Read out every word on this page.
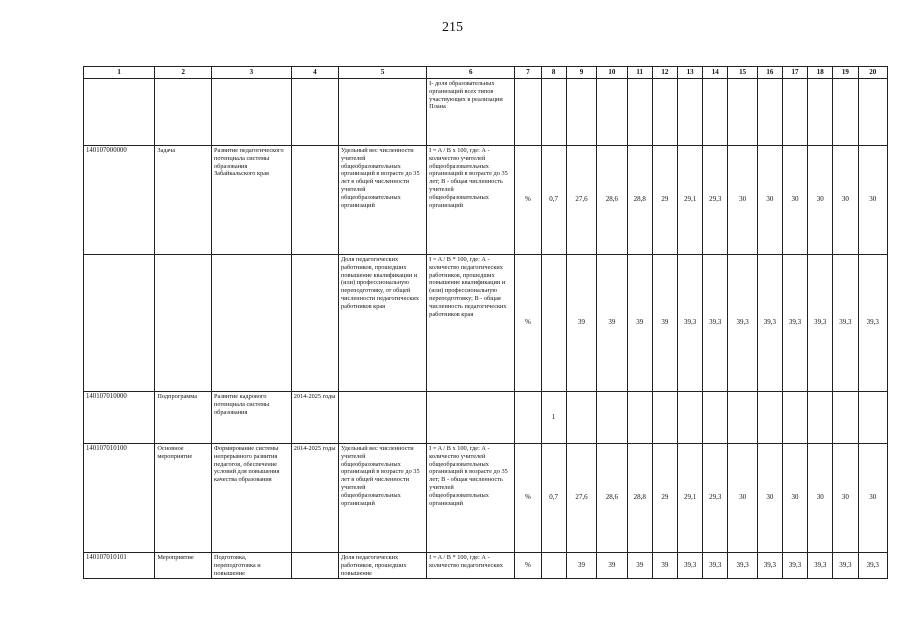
215
1	2	3	4	5	6	7	8	9	10	11	12	13	14	15	16	17	18	19	20
					I- доля образовательных организаций всех типов участвующих в реализации Плана														
140107000000	Задача	Развитие педагогического потенциала системы образования Забайкальского края		Удельный вес численности учителей общеобразовательных организаций в возрасте до 35 лет в общей численности учителей общеобразовательных организаций	I = A / B x 100, где: А - количество учителей общеобразовательных организаций в возрасте до 35 лет; В - общая численность учителей общеобразовательных организаций	%	0,7	27,6	28,6	28,8	29	29,1	29,3	30	30	30	30	30	30
				Доля педагогических работников, прошедших повышение квалификации и (или) профессиональную переподготовку, от общей численности педагогических работников края	I = A / B * 100, где: А - количество педагогических работников, прошедших повышение квалификации и (или) профессиональную переподготовку; В - общая численность педагогических работников края	%		39	39	39	39	39,3	39,3	39,3	39,3	39,3	39,3	39,3	39,3
140107010000	Подпрограмма	Развитие кадрового потенциала системы образования	2014-2025 годы				1												
140107010100	Основное мероприятие	Формирование системы непрерывного развития педагогов, обеспечение условий для повышения качества образования	2014-2025 годы	Удельный вес численности учителей общеобразовательных организаций в возрасте до 35 лет в общей численности учителей общеобразовательных организаций	I = A / B x 100, где: А - количество учителей общеобразовательных организаций в возрасте до 35 лет; В - общая численность учителей общеобразовательных организаций	%	0,7	27,6	28,6	28,8	29	29,1	29,3	30	30	30	30	30	30
140107010101	Мероприятие	Подготовка, переподготовка и повышение		Доля педагогических работников, прошедших повышение	I = A / B * 100, где: А - количество педагогических	%		39	39	39	39	39,3	39,3	39,3	39,3	39,3	39,3	39,3	39,3
